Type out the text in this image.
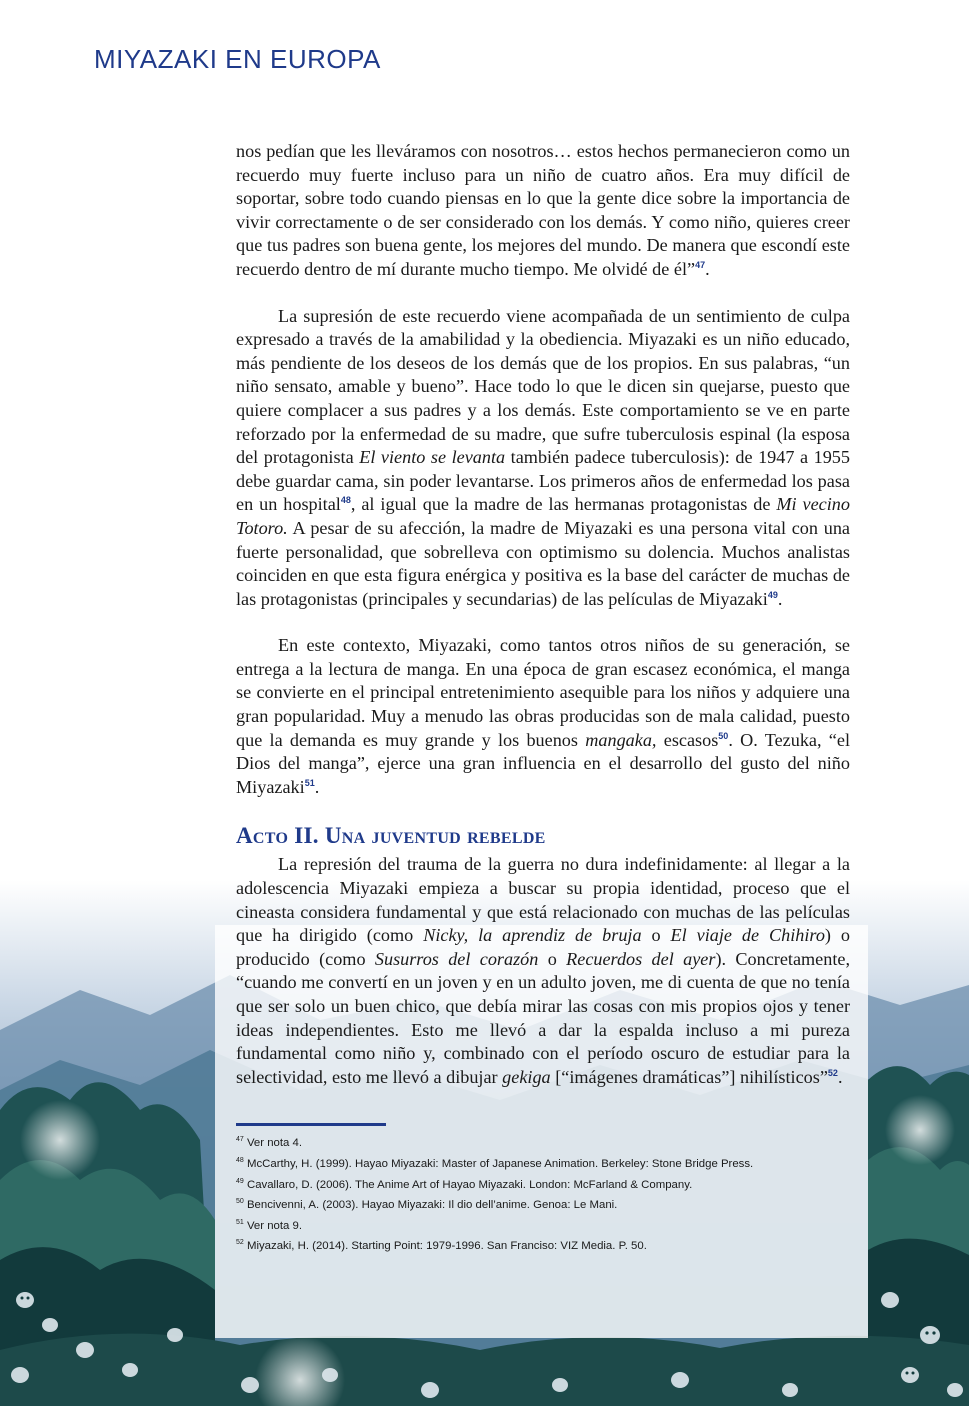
MIYAZAKI EN EUROPA

nos pedían que les lleváramos con nosotros… estos hechos permanecieron como un recuerdo muy fuerte incluso para un niño de cuatro años. Era muy difícil de soportar, sobre todo cuando piensas en lo que la gente dice sobre la importancia de vivir correctamente o de ser considerado con los demás. Y como niño, quieres creer que tus padres son buena gente, los mejores del mundo. De manera que escondí este recuerdo dentro de mí durante mucho tiempo. Me olvidé de él”$^{47}$.

La supresión de este recuerdo viene acompañada de un sentimiento de culpa expresado a través de la amabilidad y la obediencia. Miyazaki es un niño educado, más pendiente de los deseos de los demás que de los propios. En sus palabras, “un niño sensato, amable y bueno”. Hace todo lo que le dicen sin quejarse, puesto que quiere complacer a sus padres y a los demás. Este comportamiento se ve en parte reforzado por la enfermedad de su madre, que sufre tuberculosis espinal (la esposa del protagonista El viento se levanta también padece tuberculosis): de 1947 a 1955 debe guardar cama, sin poder levantarse. Los primeros años de enfermedad los pasa en un hospital$^{48}$, al igual que la madre de las hermanas protagonistas de Mi vecino Totoro. A pesar de su afección, la madre de Miyazaki es una persona vital con una fuerte personalidad, que sobrelleva con optimismo su dolencia. Muchos analistas coinciden en que esta figura enérgica y positiva es la base del carácter de muchas de las protagonistas (principales y secundarias) de las películas de Miyazaki$^{49}$.

En este contexto, Miyazaki, como tantos otros niños de su generación, se entrega a la lectura de manga. En una época de gran escasez económica, el manga se convierte en el principal entretenimiento asequible para los niños y adquiere una gran popularidad. Muy a menudo las obras producidas son de mala calidad, puesto que la demanda es muy grande y los buenos mangaka, escasos$^{50}$. O. Tezuka, “el Dios del manga”, ejerce una gran influencia en el desarrollo del gusto del niño Miyazaki$^{51}$.

Acto II. Una juventud rebelde

La represión del trauma de la guerra no dura indefinidamente: al llegar a la adolescencia Miyazaki empieza a buscar su propia identidad, proceso que el cineasta considera fundamental y que está relacionado con muchas de las películas que ha dirigido (como Nicky, la aprendiz de bruja o El viaje de Chihiro) o producido (como Susurros del corazón o Recuerdos del ayer). Concretamente, “cuando me convertí en un joven y en un adulto joven, me di cuenta de que no tenía que ser solo un buen chico, que debía mirar las cosas con mis propios ojos y tener ideas independientes. Esto me llevó a dar la espalda incluso a mi pureza fundamental como niño y, combinado con el período oscuro de estudiar para la selectividad, esto me llevó a dibujar gekiga [“imágenes dramáticas”] nihilísticos”$^{52}$.

$^{47}$ Ver nota 4.
$^{48}$ McCarthy, H. (1999). Hayao Miyazaki: Master of Japanese Animation. Berkeley: Stone Bridge Press.
$^{49}$ Cavallaro, D. (2006). The Anime Art of Hayao Miyazaki. London: McFarland & Company.
$^{50}$ Bencivenni, A. (2003). Hayao Miyazaki: Il dio dell’anime. Genoa: Le Mani.
$^{51}$ Ver nota 9.
$^{52}$ Miyazaki, H. (2014). Starting Point: 1979-1996. San Franciso: VIZ Media. P. 50.
